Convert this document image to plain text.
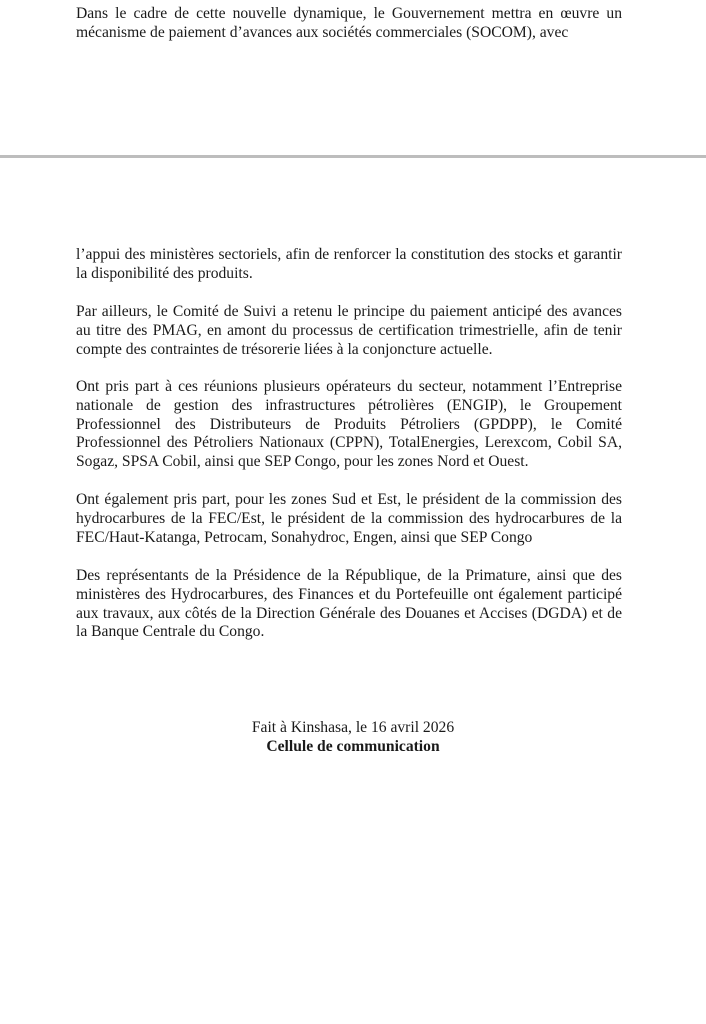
Dans le cadre de cette nouvelle dynamique, le Gouvernement mettra en œuvre un mécanisme de paiement d’avances aux sociétés commerciales (SOCOM), avec

l’appui des ministères sectoriels, afin de renforcer la constitution des stocks et garantir la disponibilité des produits.

Par ailleurs, le Comité de Suivi a retenu le principe du paiement anticipé des avances au titre des PMAG, en amont du processus de certification trimestrielle, afin de tenir compte des contraintes de trésorerie liées à la conjoncture actuelle.

Ont pris part à ces réunions plusieurs opérateurs du secteur, notamment l’Entreprise nationale de gestion des infrastructures pétrolières (ENGIP), le Groupement Professionnel des Distributeurs de Produits Pétroliers (GPDPP), le Comité Professionnel des Pétroliers Nationaux (CPPN), TotalEnergies, Lerexcom, Cobil SA, Sogaz, SPSA Cobil, ainsi que SEP Congo, pour les zones Nord et Ouest.

Ont également pris part, pour les zones Sud et Est, le président de la commission des hydrocarbures de la FEC/Est, le président de la commission des hydrocarbures de la FEC/Haut-Katanga, Petrocam, Sonahydroc, Engen, ainsi que SEP Congo

Des représentants de la Présidence de la République, de la Primature, ainsi que des ministères des Hydrocarbures, des Finances et du Portefeuille ont également participé aux travaux, aux côtés de la Direction Générale des Douanes et Accises (DGDA) et de la Banque Centrale du Congo.

Fait à Kinshasa, le 16 avril 2026
Cellule de communication
